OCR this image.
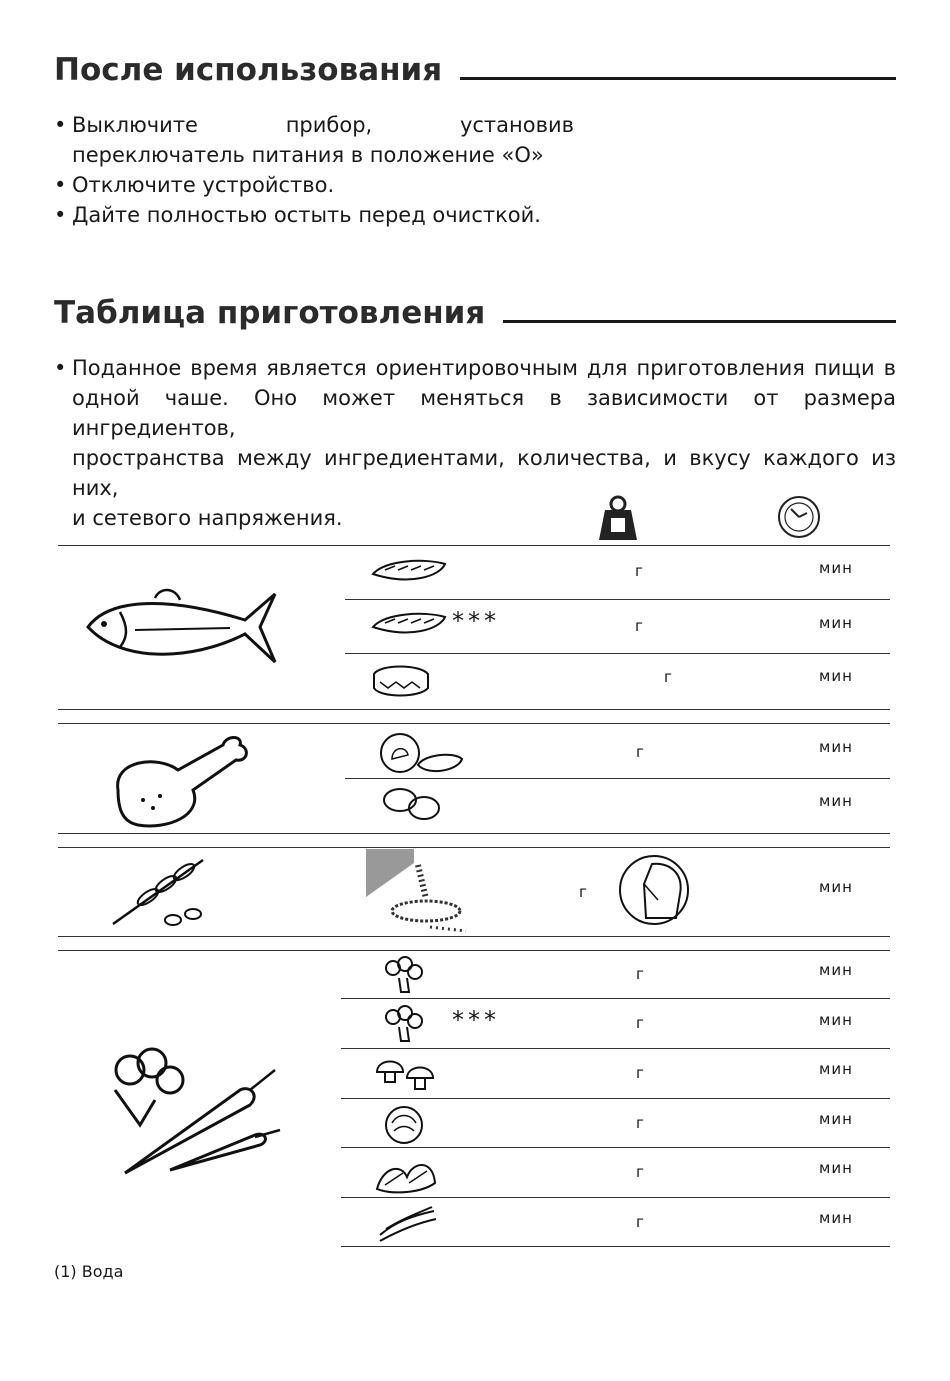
После использования
• Выключите	прибор,	установив
переключатель питания в положение «О»
• Отключите устройство.
• Дайте полностью остыть перед очисткой.
Таблица приготовления
• Поданное время является ориентировочным для приготовления пищи в
одной чаше. Оно может меняться в зависимости от размера ингредиентов,
пространства между ингредиентами, количества, и вкусу каждого из них,
и сетевого напряжения.
***
***
г
г
г
г
г
г
г
г
г
г
г
мин
мин
мин
мин
мин
мин
мин
мин
мин
мин
мин
мин
(1) Вода
